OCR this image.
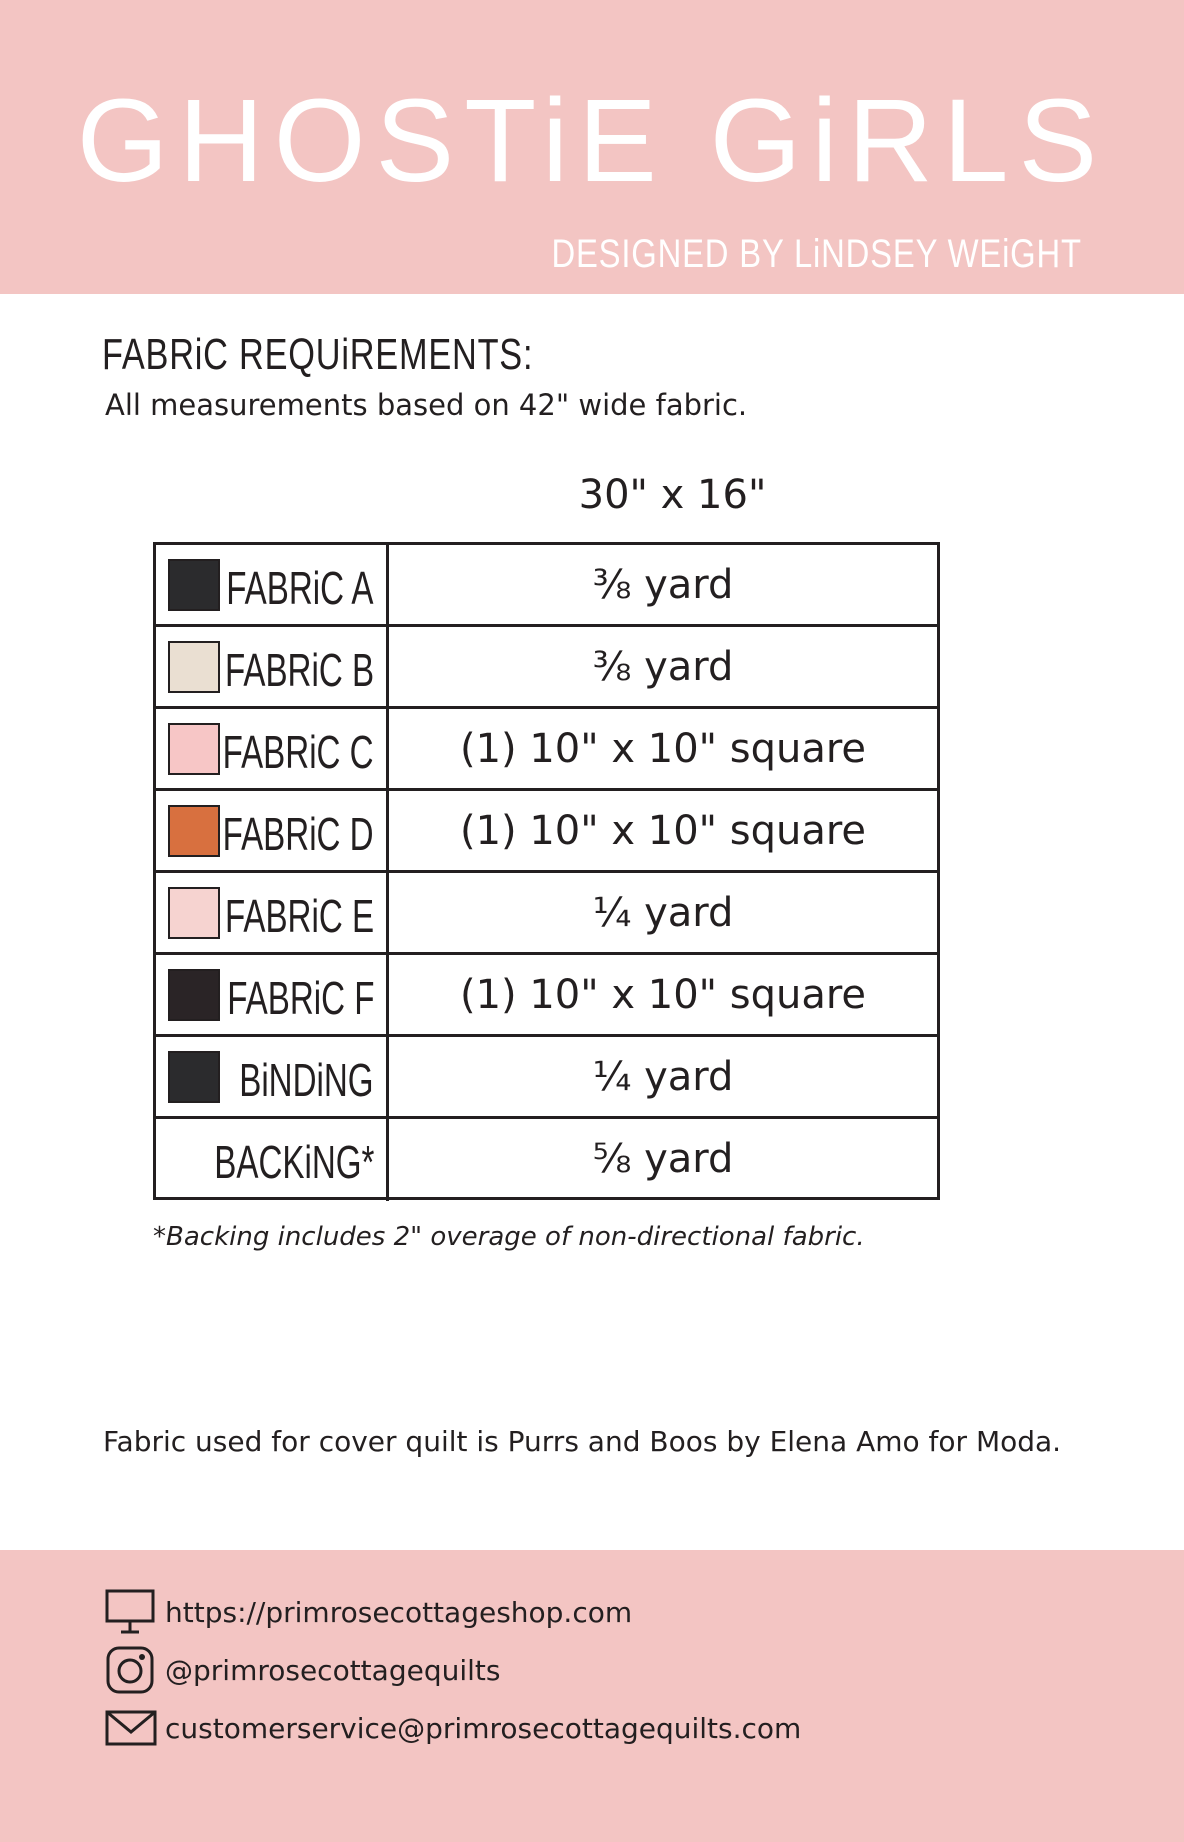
GHOSTiE GiRLS
DESIGNED BY LiNDSEY WEiGHT
FABRiC REQUiREMENTS:
All measurements based on 42" wide fabric.
30" x 16"
FABRiC A	⅜ yard
FABRiC B	⅜ yard
FABRiC C	(1) 10" x 10" square
FABRiC D	(1) 10" x 10" square
FABRiC E	¼ yard
FABRiC F	(1) 10" x 10" square
BiNDiNG	¼ yard
BACKiNG*	⅝ yard
*Backing includes 2" overage of non-directional fabric.
Fabric used for cover quilt is Purrs and Boos by Elena Amo for Moda.
https://primrosecottageshop.com
@primrosecottagequilts
customerservice@primrosecottagequilts.com
